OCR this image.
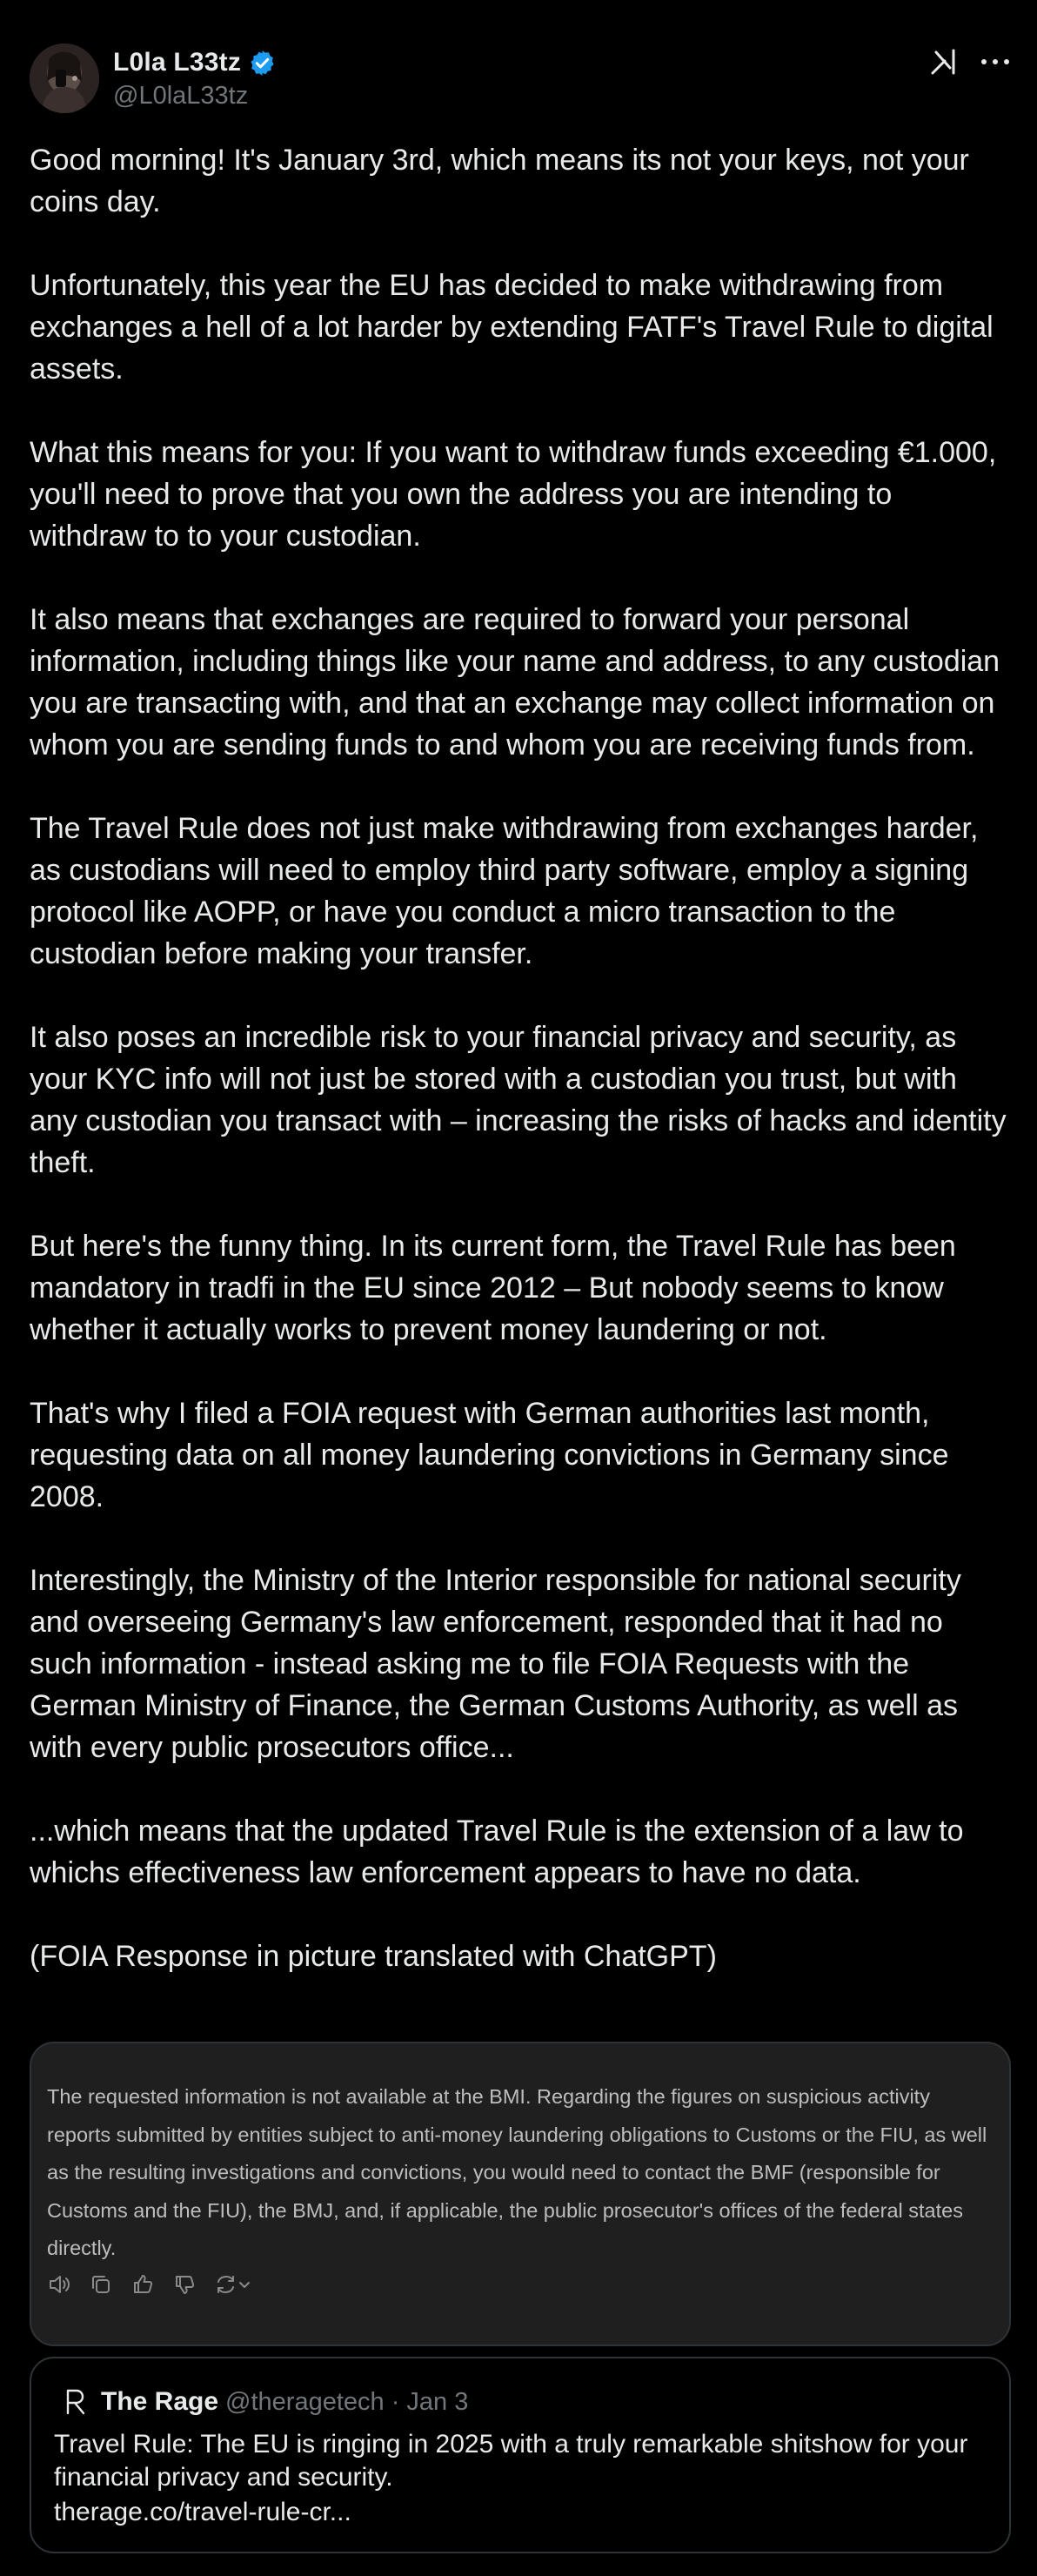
L0la L33tz
@L0laL33tz

Good morning! It's January 3rd, which means its not your keys, not your coins day.

Unfortunately, this year the EU has decided to make withdrawing from exchanges a hell of a lot harder by extending FATF's Travel Rule to digital assets.

What this means for you: If you want to withdraw funds exceeding €1.000, you'll need to prove that you own the address you are intending to withdraw to to your custodian.

It also means that exchanges are required to forward your personal information, including things like your name and address, to any custodian you are transacting with, and that an exchange may collect information on whom you are sending funds to and whom you are receiving funds from.

The Travel Rule does not just make withdrawing from exchanges harder, as custodians will need to employ third party software, employ a signing protocol like AOPP, or have you conduct a micro transaction to the custodian before making your transfer.

It also poses an incredible risk to your financial privacy and security, as your KYC info will not just be stored with a custodian you trust, but with any custodian you transact with – increasing the risks of hacks and identity theft.

But here's the funny thing. In its current form, the Travel Rule has been mandatory in tradfi in the EU since 2012 – But nobody seems to know whether it actually works to prevent money laundering or not.

That's why I filed a FOIA request with German authorities last month, requesting data on all money laundering convictions in Germany since 2008.

Interestingly, the Ministry of the Interior responsible for national security and overseeing Germany's law enforcement, responded that it had no such information - instead asking me to file FOIA Requests with the German Ministry of Finance, the German Customs Authority, as well as with every public prosecutors office...

...which means that the updated Travel Rule is the extension of a law to whichs effectiveness law enforcement appears to have no data.

(FOIA Response in picture translated with ChatGPT)

The requested information is not available at the BMI. Regarding the figures on suspicious activity reports submitted by entities subject to anti-money laundering obligations to Customs or the FIU, as well as the resulting investigations and convictions, you would need to contact the BMF (responsible for Customs and the FIU), the BMJ, and, if applicable, the public prosecutor's offices of the federal states directly.
The Rage @theragetech · Jan 3
Travel Rule: The EU is ringing in 2025 with a truly remarkable shitshow for your financial privacy and security.
therage.co/travel-rule-cr...
